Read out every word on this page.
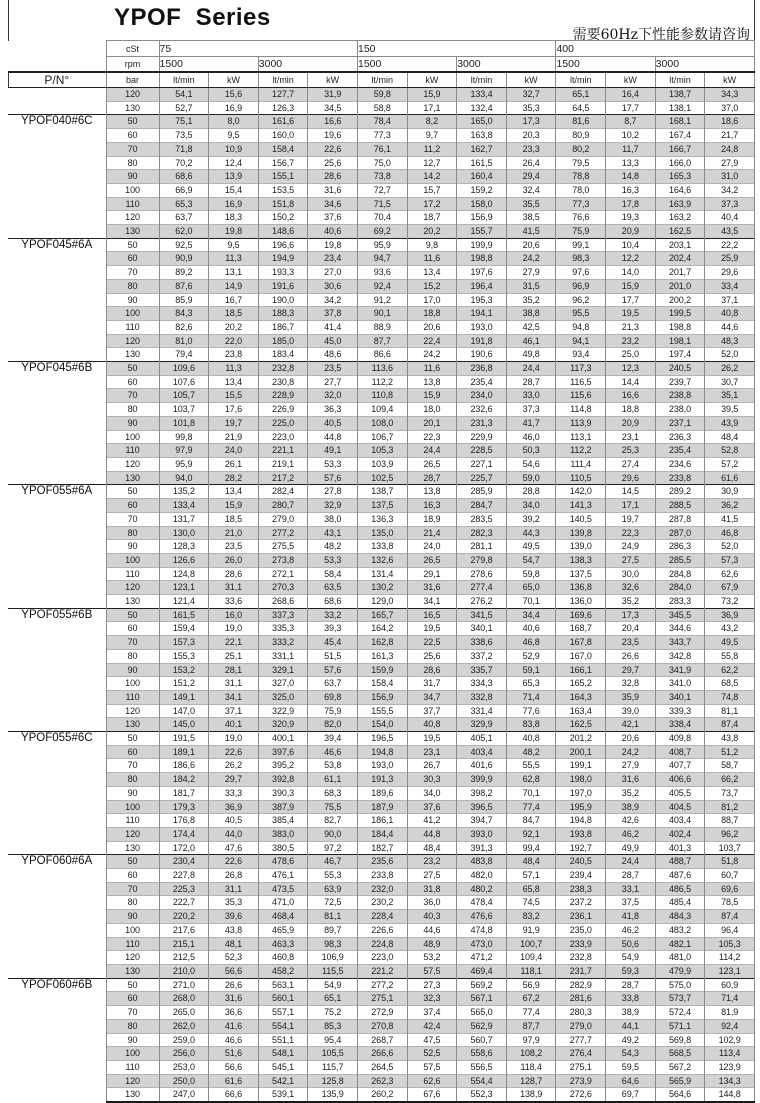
YPOF  Series
需要60Hz下性能参数请咨询
	cSt	75				150				400			
	rpm	1500		3000		1500		3000		1500		3000	
P/N°	bar	lt/min	kW	lt/min	kW	lt/min	kW	lt/min	kW	lt/min	kW	lt/min	kW
	120	54,1	15,6	127,7	31,9	59,8	15,9	133,4	32,7	65,1	16,4	138,7	34,3
	130	52,7	16,9	126,3	34,5	58,8	17,1	132,4	35,3	64,5	17,7	138,1	37,0
YPOF040#6C	50	75,1	8,0	161,6	16,6	78,4	8,2	165,0	17,3	81,6	8,7	168,1	18,6
	60	73,5	9,5	160,0	19,6	77,3	9,7	163,8	20,3	80,9	10,2	167,4	21,7
	70	71,8	10,9	158,4	22,6	76,1	11,2	162,7	23,3	80,2	11,7	166,7	24,8
	80	70,2	12,4	156,7	25,6	75,0	12,7	161,5	26,4	79,5	13,3	166,0	27,9
	90	68,6	13,9	155,1	28,6	73,8	14,2	160,4	29,4	78,8	14,8	165,3	31,0
	100	66,9	15,4	153,5	31,6	72,7	15,7	159,2	32,4	78,0	16,3	164,6	34,2
	110	65,3	16,9	151,8	34,6	71,5	17,2	158,0	35,5	77,3	17,8	163,9	37,3
	120	63,7	18,3	150,2	37,6	70,4	18,7	156,9	38,5	76,6	19,3	163,2	40,4
	130	62,0	19,8	148,6	40,6	69,2	20,2	155,7	41,5	75,9	20,9	162,5	43,5
YPOF045#6A	50	92,5	9,5	196,6	19,8	95,9	9,8	199,9	20,6	99,1	10,4	203,1	22,2
	60	90,9	11,3	194,9	23,4	94,7	11,6	198,8	24,2	98,3	12,2	202,4	25,9
	70	89,2	13,1	193,3	27,0	93,6	13,4	197,6	27,9	97,6	14,0	201,7	29,6
	80	87,6	14,9	191,6	30,6	92,4	15,2	196,4	31,5	96,9	15,9	201,0	33,4
	90	85,9	16,7	190,0	34,2	91,2	17,0	195,3	35,2	96,2	17,7	200,2	37,1
	100	84,3	18,5	188,3	37,8	90,1	18,8	194,1	38,8	95,5	19,5	199,5	40,8
	110	82,6	20,2	186,7	41,4	88,9	20,6	193,0	42,5	94,8	21,3	198,8	44,6
	120	81,0	22,0	185,0	45,0	87,7	22,4	191,8	46,1	94,1	23,2	198,1	48,3
	130	79,4	23,8	183,4	48,6	86,6	24,2	190,6	49,8	93,4	25,0	197,4	52,0
YPOF045#6B	50	109,6	11,3	232,8	23,5	113,6	11,6	236,8	24,4	117,3	12,3	240,5	26,2
	60	107,6	13,4	230,8	27,7	112,2	13,8	235,4	28,7	116,5	14,4	239,7	30,7
	70	105,7	15,5	228,9	32,0	110,8	15,9	234,0	33,0	115,6	16,6	238,8	35,1
	80	103,7	17,6	226,9	36,3	109,4	18,0	232,6	37,3	114,8	18,8	238,0	39,5
	90	101,8	19,7	225,0	40,5	108,0	20,1	231,3	41,7	113,9	20,9	237,1	43,9
	100	99,8	21,9	223,0	44,8	106,7	22,3	229,9	46,0	113,1	23,1	236,3	48,4
	110	97,9	24,0	221,1	49,1	105,3	24,4	228,5	50,3	112,2	25,3	235,4	52,8
	120	95,9	26,1	219,1	53,3	103,9	26,5	227,1	54,6	111,4	27,4	234,6	57,2
	130	94,0	28,2	217,2	57,6	102,5	28,7	225,7	59,0	110,5	29,6	233,8	61,6
YPOF055#6A	50	135,2	13,4	282,4	27,8	138,7	13,8	285,9	28,8	142,0	14,5	289,2	30,9
	60	133,4	15,9	280,7	32,9	137,5	16,3	284,7	34,0	141,3	17,1	288,5	36,2
	70	131,7	18,5	279,0	38,0	136,3	18,9	283,5	39,2	140,5	19,7	287,8	41,5
	80	130,0	21,0	277,2	43,1	135,0	21,4	282,3	44,3	139,8	22,3	287,0	46,8
	90	128,3	23,5	275,5	48,2	133,8	24,0	281,1	49,5	139,0	24,9	286,3	52,0
	100	126,6	26,0	273,8	53,3	132,6	26,5	279,8	54,7	138,3	27,5	285,5	57,3
	110	124,8	28,6	272,1	58,4	131,4	29,1	278,6	59,8	137,5	30,0	284,8	62,6
	120	123,1	31,1	270,3	63,5	130,2	31,6	277,4	65,0	136,8	32,6	284,0	67,9
	130	121,4	33,6	268,6	68,6	129,0	34,1	276,2	70,1	136,0	35,2	283,3	73,2
YPOF055#6B	50	161,5	16,0	337,3	33,2	165,7	16,5	341,5	34,4	169,6	17,3	345,5	36,9
	60	159,4	19,0	335,3	39,3	164,2	19,5	340,1	40,6	168,7	20,4	344,6	43,2
	70	157,3	22,1	333,2	45,4	162,8	22,5	338,6	46,8	167,8	23,5	343,7	49,5
	80	155,3	25,1	331,1	51,5	161,3	25,6	337,2	52,9	167,0	26,6	342,8	55,8
	90	153,2	28,1	329,1	57,6	159,9	28,6	335,7	59,1	166,1	29,7	341,9	62,2
	100	151,2	31,1	327,0	63,7	158,4	31,7	334,3	65,3	165,2	32,8	341,0	68,5
	110	149,1	34,1	325,0	69,8	156,9	34,7	332,8	71,4	164,3	35,9	340,1	74,8
	120	147,0	37,1	322,9	75,9	155,5	37,7	331,4	77,6	163,4	39,0	339,3	81,1
	130	145,0	40,1	320,9	82,0	154,0	40,8	329,9	83,8	162,5	42,1	338,4	87,4
YPOF055#6C	50	191,5	19,0	400,1	39,4	196,5	19,5	405,1	40,8	201,2	20,6	409,8	43,8
	60	189,1	22,6	397,6	46,6	194,8	23,1	403,4	48,2	200,1	24,2	408,7	51,2
	70	186,6	26,2	395,2	53,8	193,0	26,7	401,6	55,5	199,1	27,9	407,7	58,7
	80	184,2	29,7	392,8	61,1	191,3	30,3	399,9	62,8	198,0	31,6	406,6	66,2
	90	181,7	33,3	390,3	68,3	189,6	34,0	398,2	70,1	197,0	35,2	405,5	73,7
	100	179,3	36,9	387,9	75,5	187,9	37,6	396,5	77,4	195,9	38,9	404,5	81,2
	110	176,8	40,5	385,4	82,7	186,1	41,2	394,7	84,7	194,8	42,6	403,4	88,7
	120	174,4	44,0	383,0	90,0	184,4	44,8	393,0	92,1	193,8	46,2	402,4	96,2
	130	172,0	47,6	380,5	97,2	182,7	48,4	391,3	99,4	192,7	49,9	401,3	103,7
YPOF060#6A	50	230,4	22,6	478,6	46,7	235,6	23,2	483,8	48,4	240,5	24,4	488,7	51,8
	60	227,8	26,8	476,1	55,3	233,8	27,5	482,0	57,1	239,4	28,7	487,6	60,7
	70	225,3	31,1	473,5	63,9	232,0	31,8	480,2	65,8	238,3	33,1	486,5	69,6
	80	222,7	35,3	471,0	72,5	230,2	36,0	478,4	74,5	237,2	37,5	485,4	78,5
	90	220,2	39,6	468,4	81,1	228,4	40,3	476,6	83,2	236,1	41,8	484,3	87,4
	100	217,6	43,8	465,9	89,7	226,6	44,6	474,8	91,9	235,0	46,2	483,2	96,4
	110	215,1	48,1	463,3	98,3	224,8	48,9	473,0	100,7	233,9	50,6	482,1	105,3
	120	212,5	52,3	460,8	106,9	223,0	53,2	471,2	109,4	232,8	54,9	481,0	114,2
	130	210,0	56,6	458,2	115,5	221,2	57,5	469,4	118,1	231,7	59,3	479,9	123,1
YPOF060#6B	50	271,0	26,6	563,1	54,9	277,2	27,3	569,2	56,9	282,9	28,7	575,0	60,9
	60	268,0	31,6	560,1	65,1	275,1	32,3	567,1	67,2	281,6	33,8	573,7	71,4
	70	265,0	36,6	557,1	75,2	272,9	37,4	565,0	77,4	280,3	38,9	572,4	81,9
	80	262,0	41,6	554,1	85,3	270,8	42,4	562,9	87,7	279,0	44,1	571,1	92,4
	90	259,0	46,6	551,1	95,4	268,7	47,5	560,7	97,9	277,7	49,2	569,8	102,9
	100	256,0	51,6	548,1	105,5	266,6	52,5	558,6	108,2	276,4	54,3	568,5	113,4
	110	253,0	56,6	545,1	115,7	264,5	57,5	556,5	118,4	275,1	59,5	567,2	123,9
	120	250,0	61,6	542,1	125,8	262,3	62,6	554,4	128,7	273,9	64,6	565,9	134,3
	130	247,0	66,6	539,1	135,9	260,2	67,6	552,3	138,9	272,6	69,7	564,6	144,8
